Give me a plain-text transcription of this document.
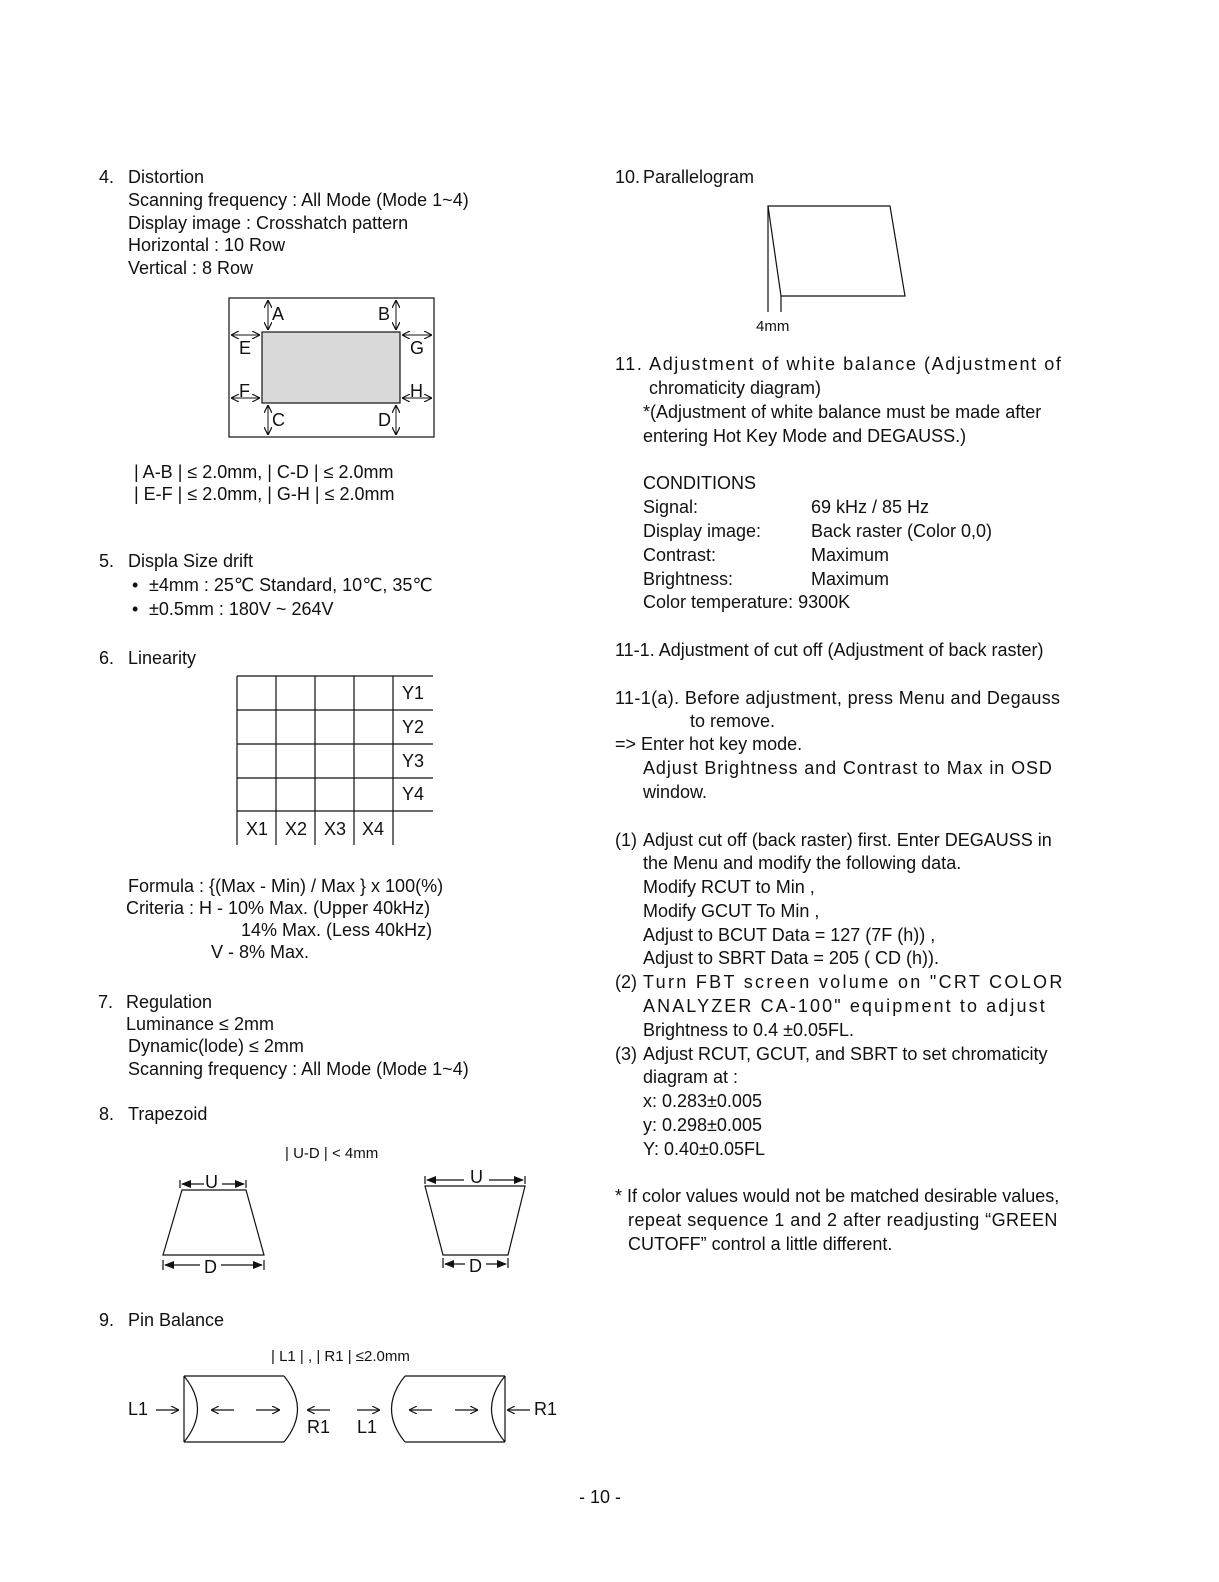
4. Distortion
Scanning frequency : All Mode (Mode 1~4)
Display image : Crosshatch pattern
Horizontal : 10 Row
Vertical : 8 Row
A	B
C	D
E
F
G
H
| A-B | ≤ 2.0mm, | C-D | ≤ 2.0mm
| E-F | ≤ 2.0mm, | G-H | ≤ 2.0mm
5. Displa Size drift
• ±4mm : 25℃ Standard, 10℃, 35℃
• ±0.5mm : 180V ~ 264V
6. Linearity
Y1
Y2
Y3
Y4
X1 X2 X3 X4
Formula : {(Max - Min) / Max } x 100(%)
Criteria : H - 10% Max. (Upper 40kHz)
14% Max. (Less 40kHz)
V - 8% Max.
7. Regulation
Luminance ≤ 2mm
Dynamic(lode) ≤ 2mm
Scanning frequency : All Mode (Mode 1~4)
8. Trapezoid
| U-D | < 4mm
U
D
U
D
9. Pin Balance
| L1 | , | R1 | ≤2.0mm
L1
R1 L1
R1
10. Parallelogram
4mm
11. Adjustment of white balance (Adjustment of
chromaticity diagram)
*(Adjustment of white balance must be made after
entering Hot Key Mode and DEGAUSS.)
CONDITIONS
Signal:	69 kHz / 85 Hz
Display image:	Back raster (Color 0,0)
Contrast:	Maximum
Brightness:	Maximum
Color temperature: 9300K
11-1. Adjustment of cut off (Adjustment of back raster)
11-1(a). Before adjustment, press Menu and Degauss
to remove.
=> Enter hot key mode.
Adjust Brightness and Contrast to Max in OSD
window.
(1) Adjust cut off (back raster) first. Enter DEGAUSS in
the Menu and modify the following data.
Modify RCUT to Min ,
Modify GCUT To Min ,
Adjust to BCUT Data = 127 (7F (h)) ,
Adjust to SBRT Data = 205 ( CD (h)).
(2) Turn FBT screen volume on "CRT COLOR
ANALYZER CA-100" equipment to adjust
Brightness to 0.4 ±0.05FL.
(3) Adjust RCUT, GCUT, and SBRT to set chromaticity
diagram at :
x: 0.283±0.005
y: 0.298±0.005
Y: 0.40±0.05FL
* If color values would not be matched desirable values,
repeat sequence 1 and 2 after readjusting “GREEN
CUTOFF” control a little different.
- 10 -
